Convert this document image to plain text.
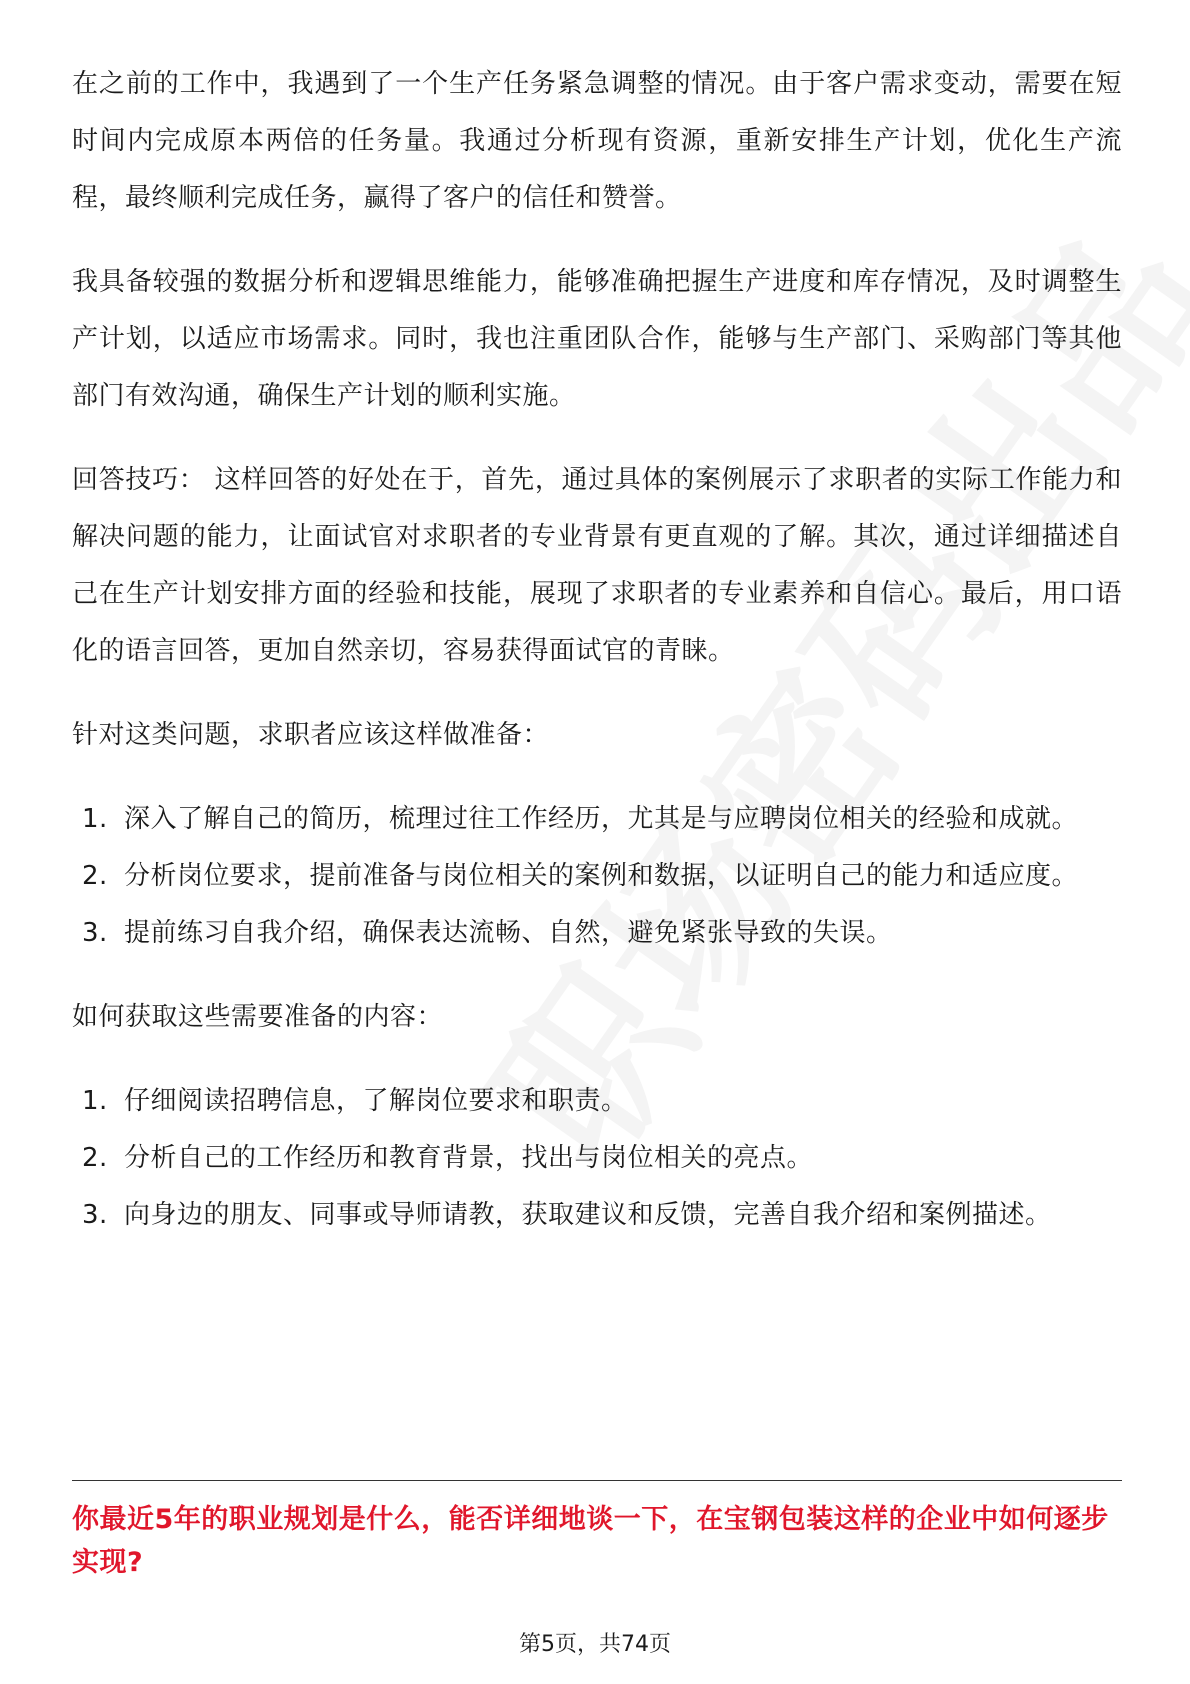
在之前的工作中，我遇到了一个生产任务紧急调整的情况。由于客户需求变动，需要在短时间内完成原本两倍的任务量。我通过分析现有资源，重新安排生产计划，优化生产流程，最终顺利完成任务，赢得了客户的信任和赞誉。

我具备较强的数据分析和逻辑思维能力，能够准确把握生产进度和库存情况，及时调整生产计划，以适应市场需求。同时，我也注重团队合作，能够与生产部门、采购部门等其他部门有效沟通，确保生产计划的顺利实施。

回答技巧： 这样回答的好处在于，首先，通过具体的案例展示了求职者的实际工作能力和解决问题的能力，让面试官对求职者的专业背景有更直观的了解。其次，通过详细描述自己在生产计划安排方面的经验和技能，展现了求职者的专业素养和自信心。最后，用口语化的语言回答，更加自然亲切，容易获得面试官的青睐。

针对这类问题，求职者应该这样做准备：

1. 深入了解自己的简历，梳理过往工作经历，尤其是与应聘岗位相关的经验和成就。
2. 分析岗位要求，提前准备与岗位相关的案例和数据，以证明自己的能力和适应度。
3. 提前练习自我介绍，确保表达流畅、自然，避免紧张导致的失误。

如何获取这些需要准备的内容：

1. 仔细阅读招聘信息，了解岗位要求和职责。
2. 分析自己的工作经历和教育背景，找出与岗位相关的亮点。
3. 向身边的朋友、同事或导师请教，获取建议和反馈，完善自我介绍和案例描述。
你最近5年的职业规划是什么，能否详细地谈一下，在宝钢包装这样的企业中如何逐步实现?
第5页，共74页
